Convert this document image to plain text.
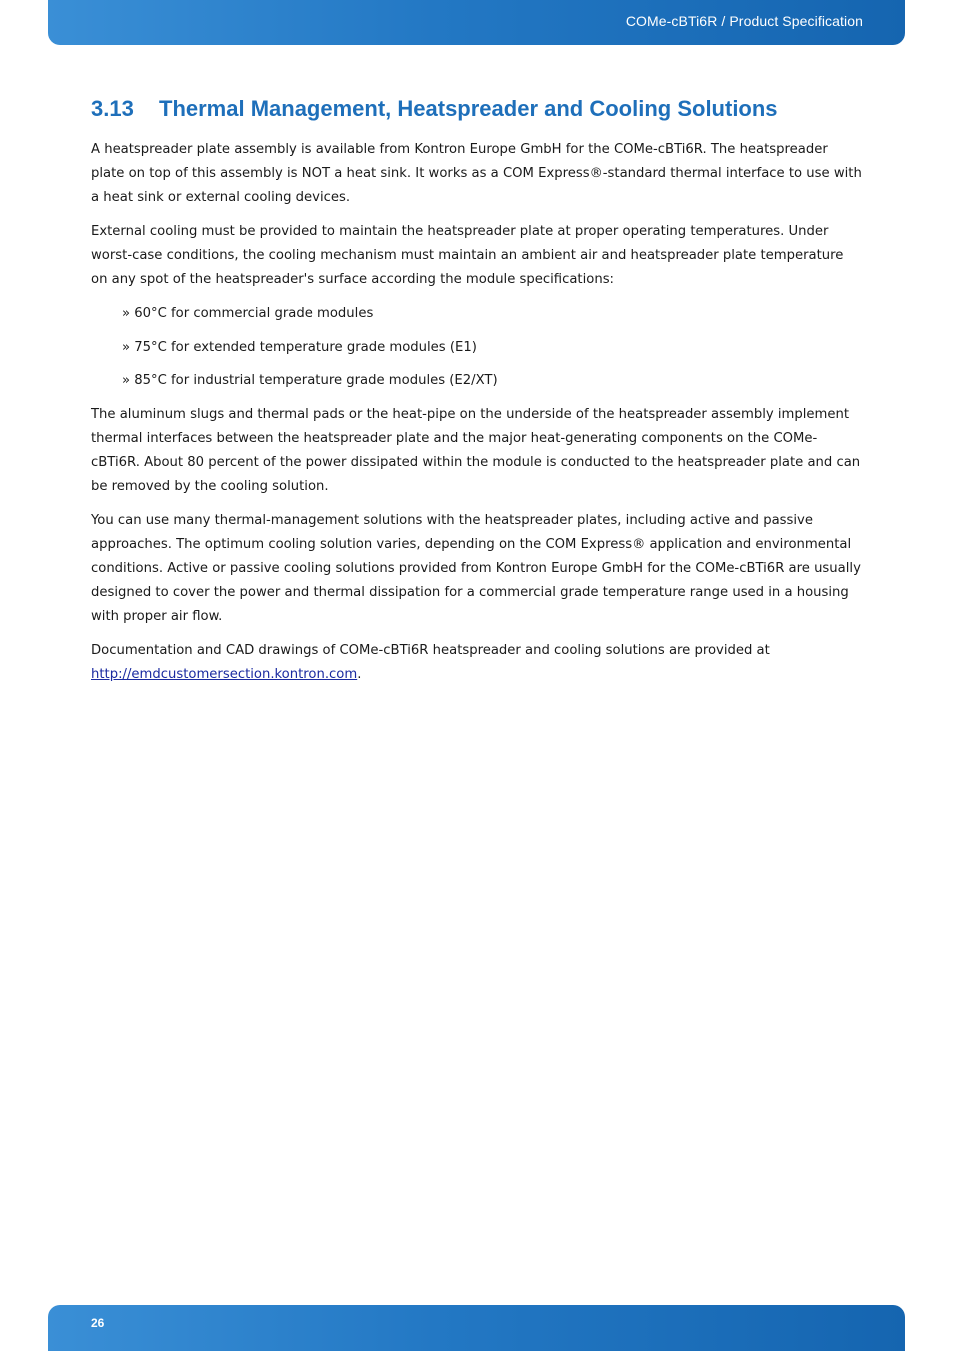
COMe-cBTi6R / Product Specification
3.13 Thermal Management, Heatspreader and Cooling Solutions

A heatspreader plate assembly is available from Kontron Europe GmbH for the COMe-cBTi6R. The heatspreader plate on top of this assembly is NOT a heat sink. It works as a COM Express®-standard thermal interface to use with a heat sink or external cooling devices.

External cooling must be provided to maintain the heatspreader plate at proper operating temperatures. Under worst-case conditions, the cooling mechanism must maintain an ambient air and heatspreader plate temperature on any spot of the heatspreader's surface according the module specifications:

» 60°C for commercial grade modules
» 75°C for extended temperature grade modules (E1)
» 85°C for industrial temperature grade modules (E2/XT)

The aluminum slugs and thermal pads or the heat-pipe on the underside of the heatspreader assembly implement thermal interfaces between the heatspreader plate and the major heat-generating components on the COMe-cBTi6R. About 80 percent of the power dissipated within the module is conducted to the heatspreader plate and can be removed by the cooling solution.

You can use many thermal-management solutions with the heatspreader plates, including active and passive approaches. The optimum cooling solution varies, depending on the COM Express® application and environmental conditions. Active or passive cooling solutions provided from Kontron Europe GmbH for the COMe-cBTi6R are usually designed to cover the power and thermal dissipation for a commercial grade temperature range used in a housing with proper air flow.

Documentation and CAD drawings of COMe-cBTi6R heatspreader and cooling solutions are provided at
http://emdcustomersection.kontron.com.

26
